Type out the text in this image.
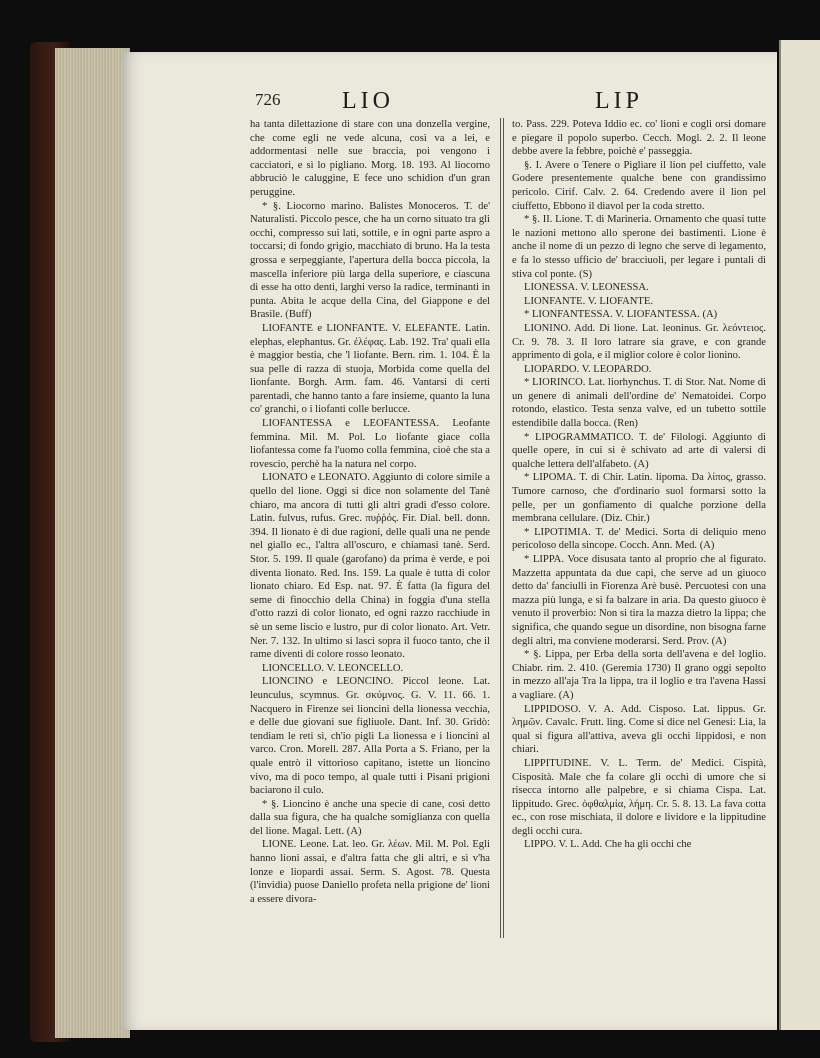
726	LIO	LIP

ha tanta dilettazione di stare con una donzella vergine, che come egli ne vede alcuna, così va a lei, e addormentasi nelle sue braccia, poi vengono i cacciatori, e sì lo pigliano. Morg. 18. 193. Al liocorno abbruciò le caluggine, E fece uno schidion d'un gran peruggine.

* §. Liocorno marino. Balistes Monoceros. T. de' Naturalisti. Piccolo pesce, che ha un corno situato tra gli occhi, compresso sui lati, sottile, e in ogni parte aspro a toccarsi; di fondo grigio, macchiato di bruno. Ha la testa grossa e serpeggiante, l'apertura della bocca piccola, la mascella inferiore più larga della superiore, e ciascuna di esse ha otto denti, larghi verso la radice, terminanti in punta. Abita le acque della Cina, del Giappone e del Brasile. (Buff)

LIOFANTE e LIONFANTE. V. ELEFANTE. Latin. elephas, elephantus. Gr. ἐλέφας. Lab. 192. Tra' quali ella è maggior bestia, che 'l liofante. Bern. rim. 1. 104. È la sua pelle di razza di stuoja, Morbida come quella del lionfante. Borgh. Arm. fam. 46. Vantarsi di certi parentadi, che hanno tanto a fare insieme, quanto la luna co' granchi, o i liofanti colle berlucce.

LIOFANTESSA e LEOFANTESSA. Leofante femmina. Mil. M. Pol. Lo liofante giace colla liofantessa come fa l'uomo colla femmina, cioè che sta a rovescio, perchè ha la natura nel corpo.

LIONATO e LEONATO. Aggiunto di colore simile a quello del lione. Oggi si dice non solamente del Tanè chiaro, ma ancora di tutti gli altri gradi d'esso colore. Latin. fulvus, rufus. Grec. πυῤῥός. Fir. Dial. bell. donn. 394. Il lionato è di due ragioni, delle quali una ne pende nel giallo ec., l'altra all'oscuro, e chiamasi tanè. Serd. Stor. 5. 199. Il quale (garofano) da prima è verde, e poi diventa lionato. Red. Ins. 159. La quale è tutta di color lionato chiaro. Ed Esp. nat. 97. È fatta (la figura del seme di finocchio della China) in foggia d'una stella d'otto razzi di color lionato, ed ogni razzo racchiude in sè un seme liscio e lustro, pur di color lionato. Art. Vetr. Ner. 7. 132. In ultimo si lasci sopra il fuoco tanto, che il rame diventi di colore rosso leonato.

LIONCELLO. V. LEONCELLO.

LIONCINO e LEONCINO. Piccol leone. Lat. leunculus, scymnus. Gr. σκύμνος. G. V. 11. 66. 1. Nacquero in Firenze sei lioncini della lionessa vecchia, e delle due giovani sue figliuole. Dant. Inf. 30. Gridò: tendiam le reti sì, ch'io pigli La lionessa e i lioncini al varco. Cron. Morell. 287. Alla Porta a S. Friano, per la quale entrò il vittorioso capitano, istette un lioncino vivo, ma di poco tempo, al quale tutti i Pisani prigioni baciarono il culo.

* §. Lioncino è anche una specie di cane, così detto dalla sua figura, che ha qualche somiglianza con quella del lione. Magal. Lett. (A)

LIONE. Leone. Lat. leo. Gr. λέων. Mil. M. Pol. Egli hanno lioni assai, e d'altra fatta che gli altri, e sì v'ha lonze e liopardi assai. Serm. S. Agost. 78. Questa (l'invidia) puose Daniello profeta nella prigione de' lioni a essere divora-

to. Pass. 229. Poteva Iddio ec. co' lioni e cogli orsi domare e piegare il popolo superbo. Cecch. Mogl. 2. 2. Il leone debbe avere la febbre, poichè e' passeggia.

§. I. Avere o Tenere o Pigliare il lion pel ciuffetto, vale Godere presentemente qualche bene con grandissimo pericolo. Cirif. Calv. 2. 64. Credendo avere il lion pel ciuffetto, Ebbono il diavol per la coda stretto.

* §. II. Lione. T. di Marineria. Ornamento che quasi tutte le nazioni mettono allo sperone dei bastimenti. Lione è anche il nome di un pezzo di legno che serve di legamento, e fa lo stesso ufficio de' bracciuoli, per legare i puntali di stiva col ponte. (S)

LIONESSA. V. LEONESSA.

LIONFANTE. V. LIOFANTE.

* LIONFANTESSA. V. LIOFANTESSA. (A)

LIONINO. Add. Di lione. Lat. leoninus. Gr. λεόντειος. Cr. 9. 78. 3. Il loro latrare sia grave, e con grande apprimento di gola, e il miglior colore è color lionino.

LIOPARDO. V. LEOPARDO.

* LIORINCO. Lat. liorhynchus. T. di Stor. Nat. Nome di un genere di animali dell'ordine de' Nematoidei. Corpo rotondo, elastico. Testa senza valve, ed un tubetto sottile estendibile dalla bocca. (Ren)

* LIPOGRAMMATICO. T. de' Filologi. Aggiunto di quelle opere, in cui si è schivato ad arte di valersi di qualche lettera dell'alfabeto. (A)

* LIPOMA. T. di Chir. Latin. lipoma. Da λίπος, grasso. Tumore carnoso, che d'ordinario suol formarsi sotto la pelle, per un gonfiamento di qualche porzione della membrana cellulare. (Diz. Chir.)

* LIPOTIMIA. T. de' Medici. Sorta di deliquio meno pericoloso della sincope. Cocch. Ann. Med. (A)

* LIPPA. Voce disusata tanto al proprio che al figurato. Mazzetta appuntata da due capi, che serve ad un giuoco detto da' fanciulli in Fiorenza Arè busè. Percuotesi con una mazza più lunga, e si fa balzare in aria. Da questo giuoco è venuto il proverbio: Non si tira la mazza dietro la lippa; che significa, che quando segue un disordine, non bisogna farne degli altri, ma conviene moderarsi. Serd. Prov. (A)

* §. Lippa, per Erba della sorta dell'avena e del loglio. Chiabr. rim. 2. 410. (Geremia 1730) Il grano oggi sepolto in mezzo all'aja Tra la lippa, tra il loglio e tra l'avena Hassi a vagliare. (A)

LIPPIDOSO. V. A. Add. Cisposo. Lat. lippus. Gr. λημῶν. Cavalc. Frutt. ling. Come si dice nel Genesi: Lia, la qual si figura all'attiva, aveva gli occhi lippidosi, e non chiari.

LIPPITUDINE. V. L. Term. de' Medici. Cispità, Cisposità. Male che fa colare gli occhi di umore che si risecca intorno alle palpebre, e si chiama Cispa. Lat. lippitudo. Grec. ὀφθαλμία, λήμη. Cr. 5. 8. 13. La fava cotta ec., con rose mischiata, il dolore e lividore e la lippitudine degli occhi cura.

LIPPO. V. L. Add. Che ha gli occhi che
